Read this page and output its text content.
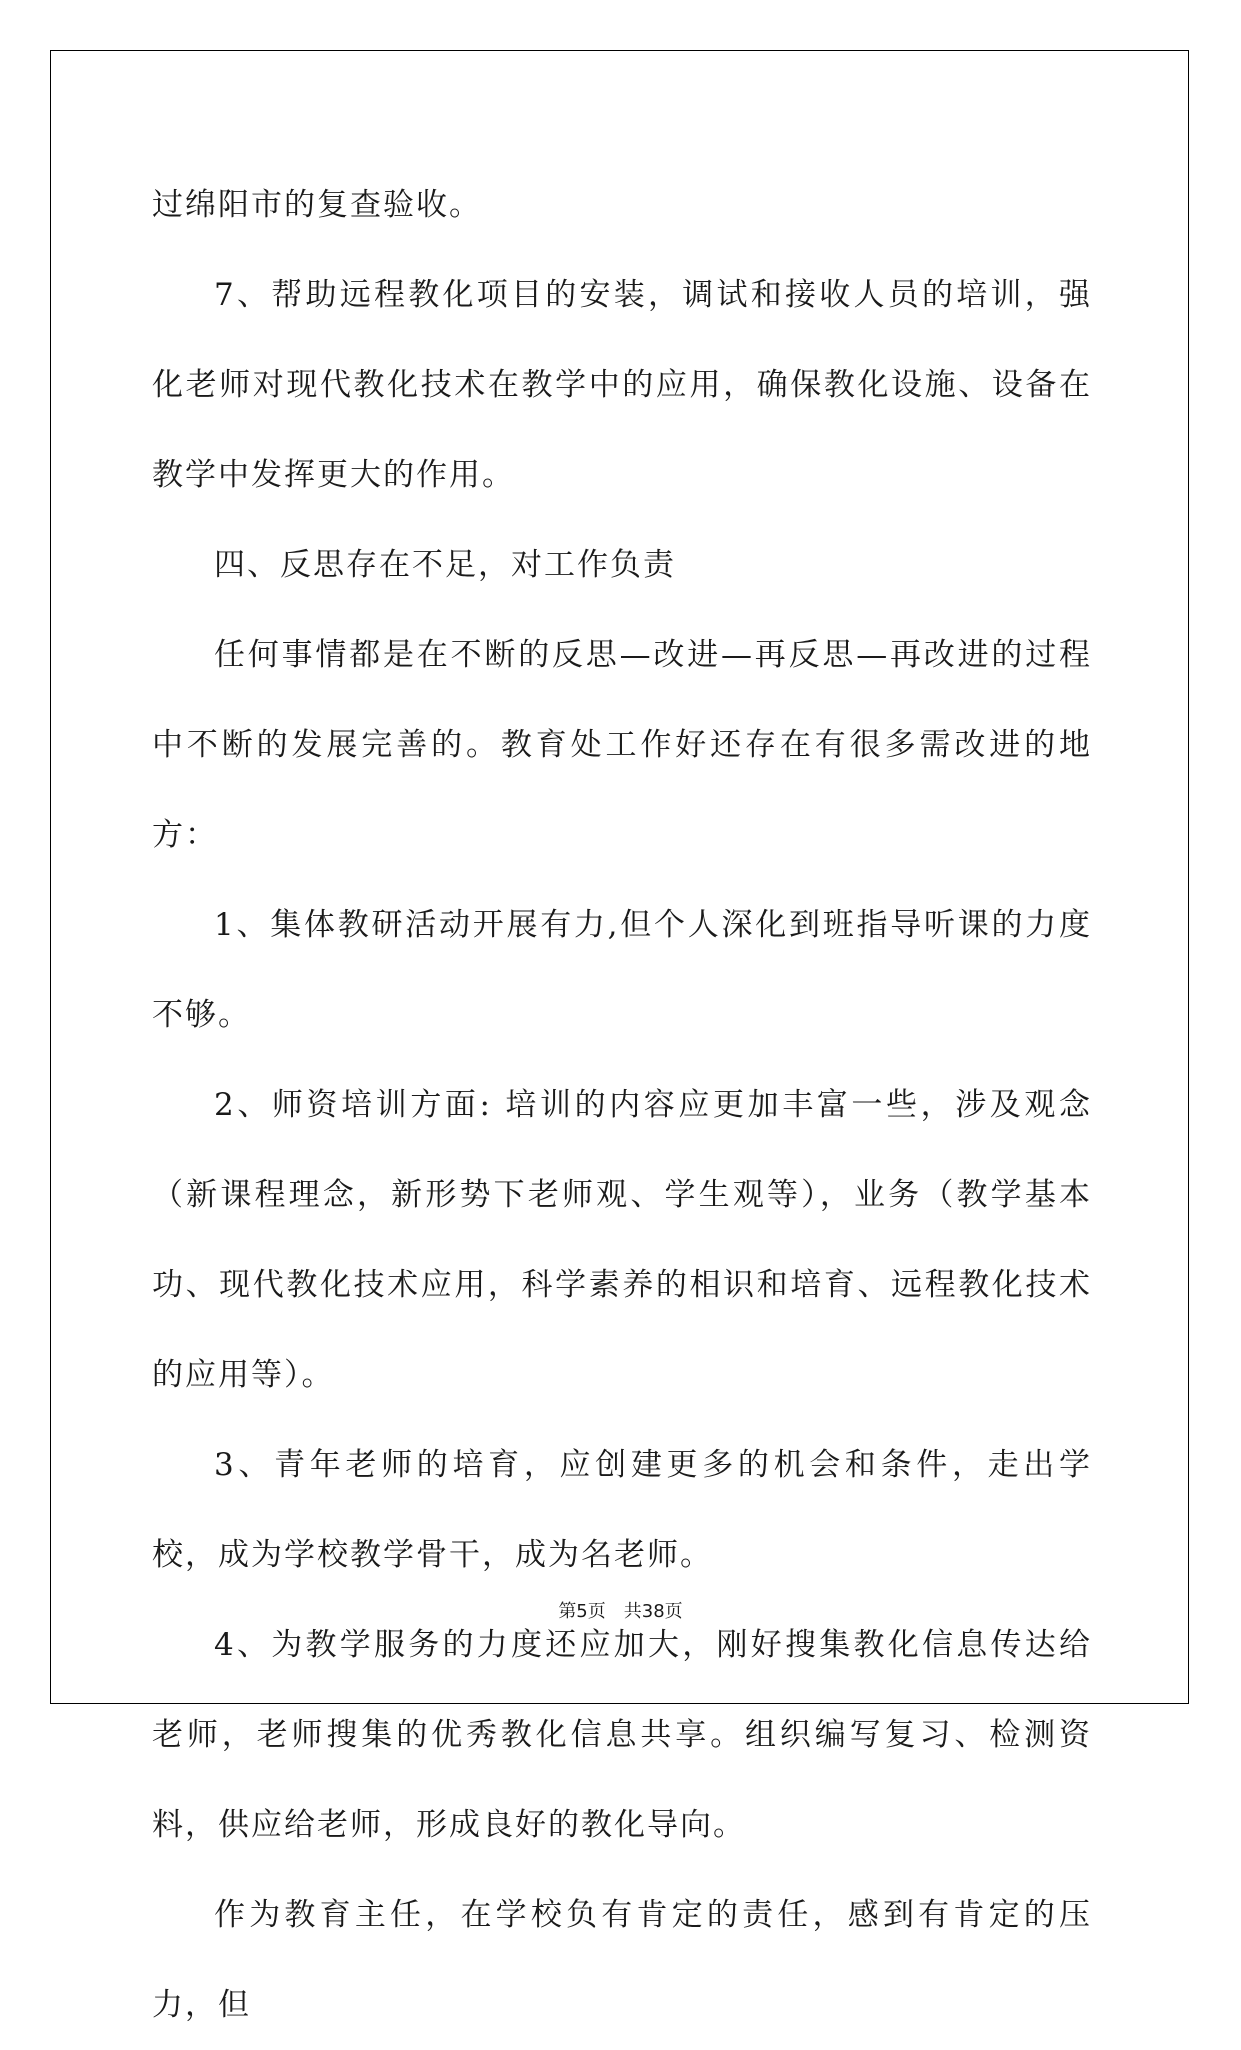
过绵阳市的复查验收。

7、帮助远程教化项目的安装，调试和接收人员的培训，强化老师对现代教化技术在教学中的应用，确保教化设施、设备在教学中发挥更大的作用。

四、反思存在不足，对工作负责

任何事情都是在不断的反思—改进—再反思—再改进的过程中不断的发展完善的。教育处工作好还存在有很多需改进的地方：

1、集体教研活动开展有力,但个人深化到班指导听课的力度不够。

2、师资培训方面: 培训的内容应更加丰富一些，涉及观念（新课程理念，新形势下老师观、学生观等），业务（教学基本功、现代教化技术应用，科学素养的相识和培育、远程教化技术的应用等）。

3、青年老师的培育，应创建更多的机会和条件，走出学校，成为学校教学骨干，成为名老师。

4、为教学服务的力度还应加大，刚好搜集教化信息传达给老师，老师搜集的优秀教化信息共享。组织编写复习、检测资料，供应给老师，形成良好的教化导向。

作为教育主任，在学校负有肯定的责任，感到有肯定的压力，但

第5页 共38页
